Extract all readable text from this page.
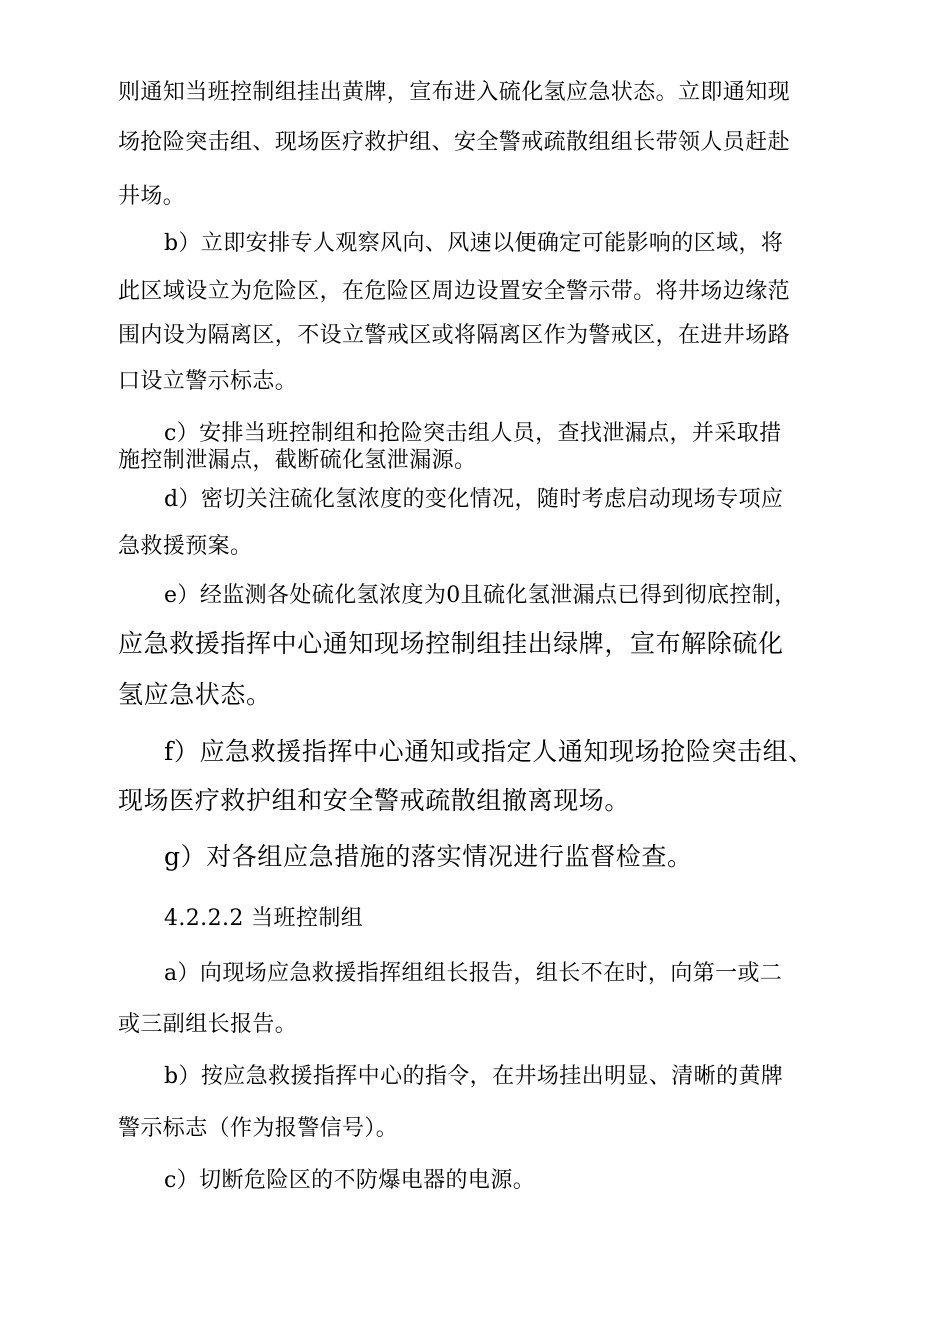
则通知当班控制组挂出黄牌，宣布进入硫化氢应急状态。立即通知现
场抢险突击组、现场医疗救护组、安全警戒疏散组组长带领人员赶赴
井场。
b）立即安排专人观察风向、风速以便确定可能影响的区域，将
此区域设立为危险区，在危险区周边设置安全警示带。将井场边缘范
围内设为隔离区，不设立警戒区或将隔离区作为警戒区，在进井场路
口设立警示标志。
c）安排当班控制组和抢险突击组人员，查找泄漏点，并采取措
施控制泄漏点，截断硫化氢泄漏源。
d）密切关注硫化氢浓度的变化情况，随时考虑启动现场专项应
急救援预案。
e）经监测各处硫化氢浓度为0且硫化氢泄漏点已得到彻底控制，
应急救援指挥中心通知现场控制组挂出绿牌，宣布解除硫化
氢应急状态。
f）应急救援指挥中心通知或指定人通知现场抢险突击组、
现场医疗救护组和安全警戒疏散组撤离现场。
g）对各组应急措施的落实情况进行监督检查。
4.2.2.2 当班控制组
a）向现场应急救援指挥组组长报告，组长不在时，向第一或二
或三副组长报告。
b）按应急救援指挥中心的指令，在井场挂出明显、清晰的黄牌
警示标志（作为报警信号）。
c）切断危险区的不防爆电器的电源。
